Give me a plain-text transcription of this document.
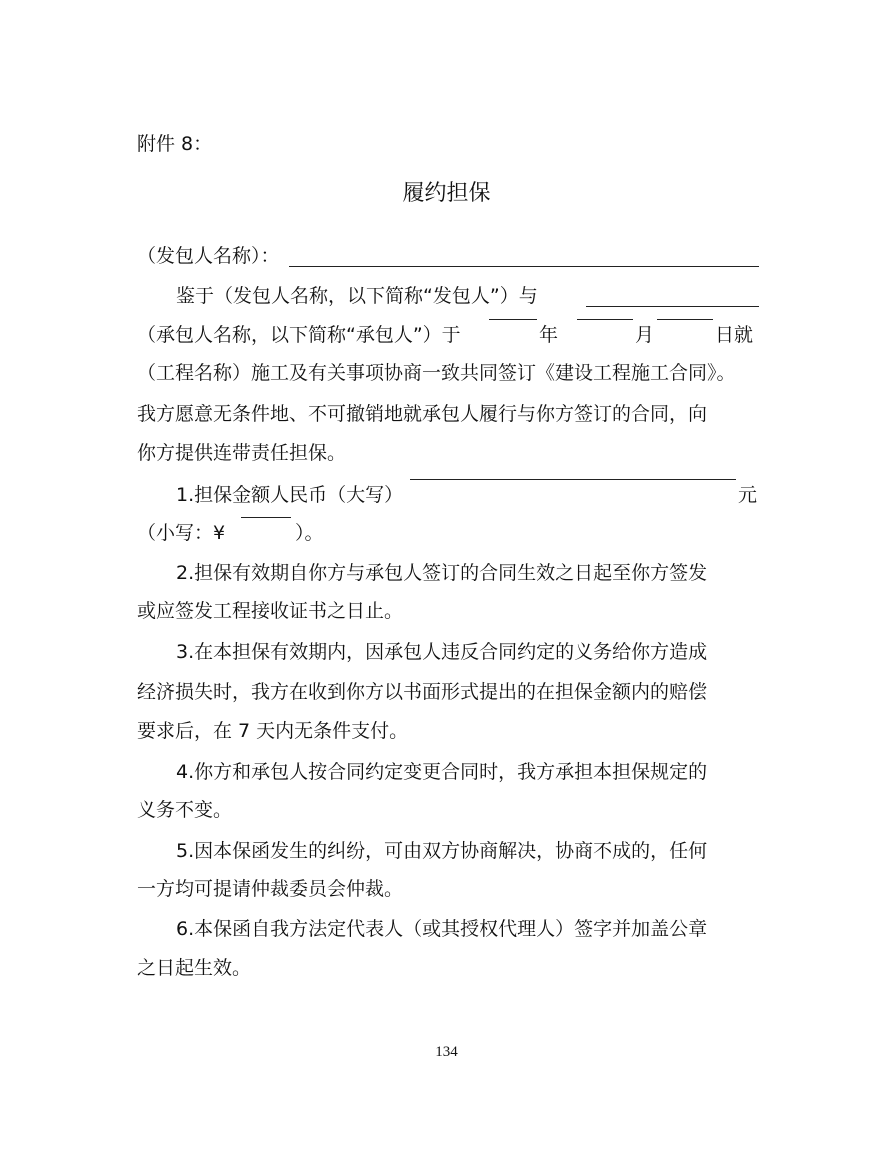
附件 8：
履约担保
（发包人名称）：
鉴于（发包人名称，以下简称“发包人”）与
（承包人名称，以下简称“承包人”）于	年	月	日就
（工程名称）施工及有关事项协商一致共同签订《建设工程施工合同》。
我方愿意无条件地、不可撤销地就承包人履行与你方签订的合同，向
你方提供连带责任担保。
1.担保金额人民币（大写）	元
（小写：¥	）。
2.担保有效期自你方与承包人签订的合同生效之日起至你方签发
或应签发工程接收证书之日止。
3.在本担保有效期内，因承包人违反合同约定的义务给你方造成
经济损失时，我方在收到你方以书面形式提出的在担保金额内的赔偿
要求后，在 7 天内无条件支付。
4.你方和承包人按合同约定变更合同时，我方承担本担保规定的
义务不变。
5.因本保函发生的纠纷，可由双方协商解决，协商不成的，任何
一方均可提请仲裁委员会仲裁。
6.本保函自我方法定代表人（或其授权代理人）签字并加盖公章
之日起生效。
134
